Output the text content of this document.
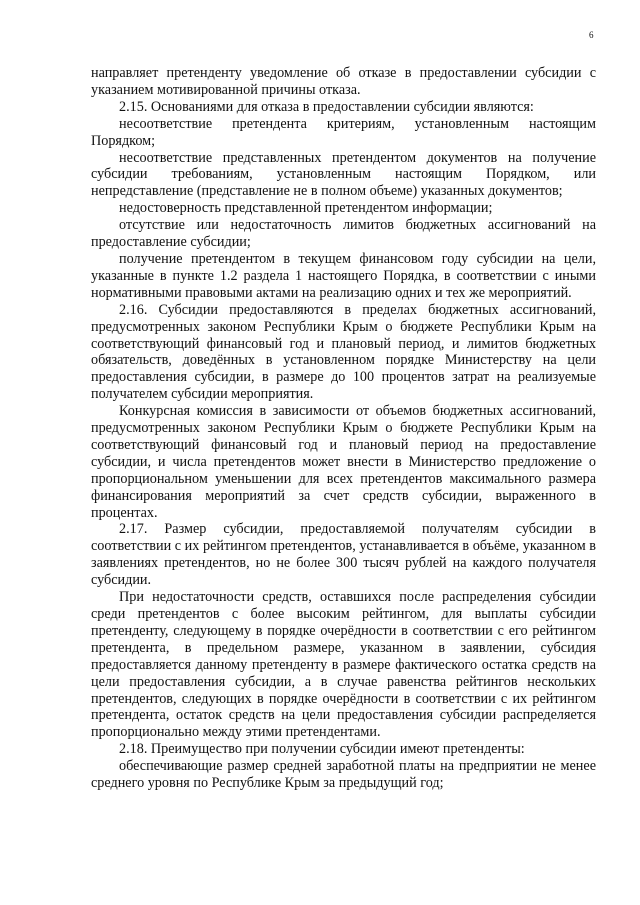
6

направляет претенденту уведомление об отказе в предоставлении субсидии с указанием мотивированной причины отказа.

2.15. Основаниями для отказа в предоставлении субсидии являются:

несоответствие претендента критериям, установленным настоящим Порядком;

несоответствие представленных претендентом документов на получение субсидии требованиям, установленным настоящим Порядком, или непредставление (представление не в полном объеме) указанных документов;

недостоверность представленной претендентом информации;

отсутствие или недостаточность лимитов бюджетных ассигнований на предоставление субсидии;

получение претендентом в текущем финансовом году субсидии на цели, указанные в пункте 1.2 раздела 1 настоящего Порядка, в соответствии с иными нормативными правовыми актами на реализацию одних и тех же мероприятий.

2.16. Субсидии предоставляются в пределах бюджетных ассигнований, предусмотренных законом Республики Крым о бюджете Республики Крым на соответствующий финансовый год и плановый период, и лимитов бюджетных обязательств, доведённых в установленном порядке Министерству на цели предоставления субсидии, в размере до 100 процентов затрат на реализуемые получателем субсидии мероприятия.

Конкурсная комиссия в зависимости от объемов бюджетных ассигнований, предусмотренных законом Республики Крым о бюджете Республики Крым на соответствующий финансовый год и плановый период на предоставление субсидии, и числа претендентов может внести в Министерство предложение о пропорциональном уменьшении для всех претендентов максимального размера финансирования мероприятий за счет средств субсидии, выраженного в процентах.

2.17. Размер субсидии, предоставляемой получателям субсидии в соответствии с их рейтингом претендентов, устанавливается в объёме, указанном в заявлениях претендентов, но не более 300 тысяч рублей на каждого получателя субсидии.

При недостаточности средств, оставшихся после распределения субсидии среди претендентов с более высоким рейтингом, для выплаты субсидии претенденту, следующему в порядке очерёдности в соответствии с его рейтингом претендента, в предельном размере, указанном в заявлении, субсидия предоставляется данному претенденту в размере фактического остатка средств на цели предоставления субсидии, а в случае равенства рейтингов нескольких претендентов, следующих в порядке очерёдности в соответствии с их рейтингом претендента, остаток средств на цели предоставления субсидии распределяется пропорционально между этими претендентами.

2.18. Преимущество при получении субсидии имеют претенденты:

обеспечивающие размер средней заработной платы на предприятии не менее среднего уровня по Республике Крым за предыдущий год;
